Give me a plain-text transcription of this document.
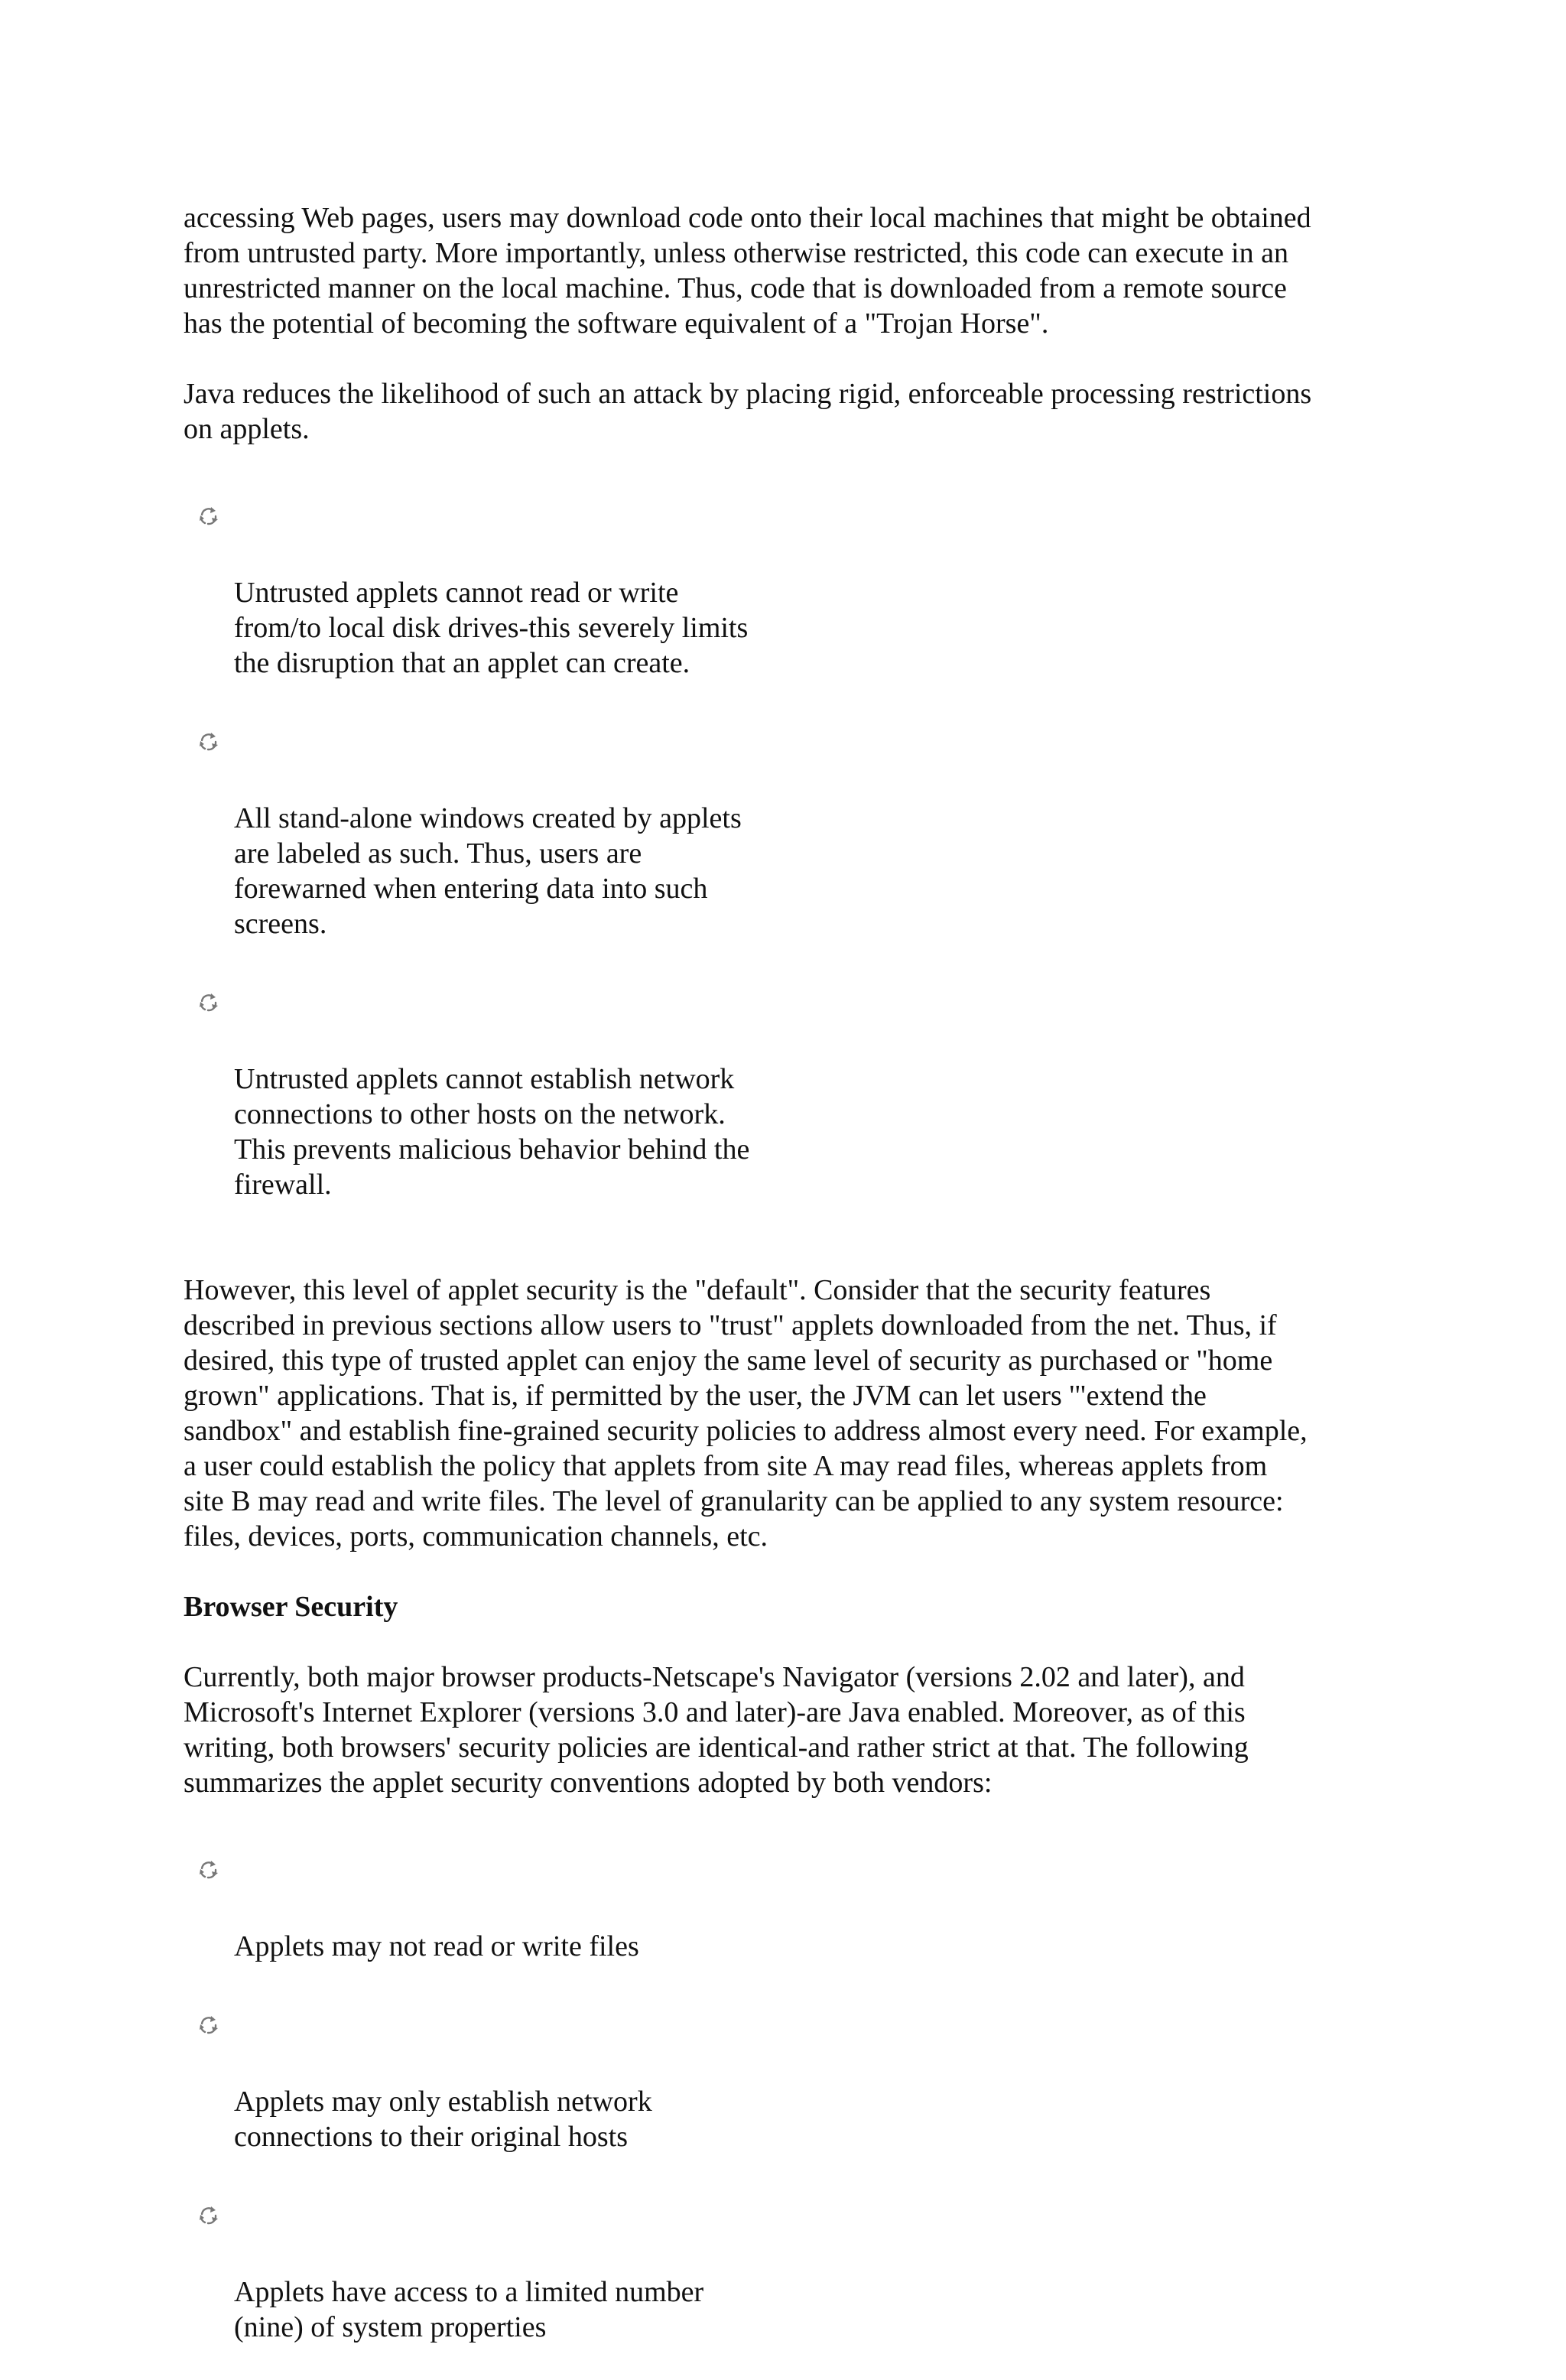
accessing Web pages, users may download code onto their local machines that might be obtained
from untrusted party. More importantly, unless otherwise restricted, this code can execute in an
unrestricted manner on the local machine. Thus, code that is downloaded from a remote source
has the potential of becoming the software equivalent of a "Trojan Horse".

Java reduces the likelihood of such an attack by placing rigid, enforceable processing restrictions
on applets.

Untrusted applets cannot read or write
from/to local disk drives-this severely limits
the disruption that an applet can create.

All stand-alone windows created by applets
are labeled as such. Thus, users are
forewarned when entering data into such
screens.

Untrusted applets cannot establish network
connections to other hosts on the network.
This prevents malicious behavior behind the
firewall.

However, this level of applet security is the "default". Consider that the security features
described in previous sections allow users to "trust" applets downloaded from the net. Thus, if
desired, this type of trusted applet can enjoy the same level of security as purchased or "home
grown" applications. That is, if permitted by the user, the JVM can let users '"extend the
sandbox" and establish fine-grained security policies to address almost every need. For example,
a user could establish the policy that applets from site A may read files, whereas applets from
site B may read and write files. The level of granularity can be applied to any system resource:
files, devices, ports, communication channels, etc.

Browser Security

Currently, both major browser products-Netscape's Navigator (versions 2.02 and later), and
Microsoft's Internet Explorer (versions 3.0 and later)-are Java enabled. Moreover, as of this
writing, both browsers' security policies are identical-and rather strict at that. The following
summarizes the applet security conventions adopted by both vendors:

Applets may not read or write files

Applets may only establish network
connections to their original hosts

Applets have access to a limited number
(nine) of system properties
